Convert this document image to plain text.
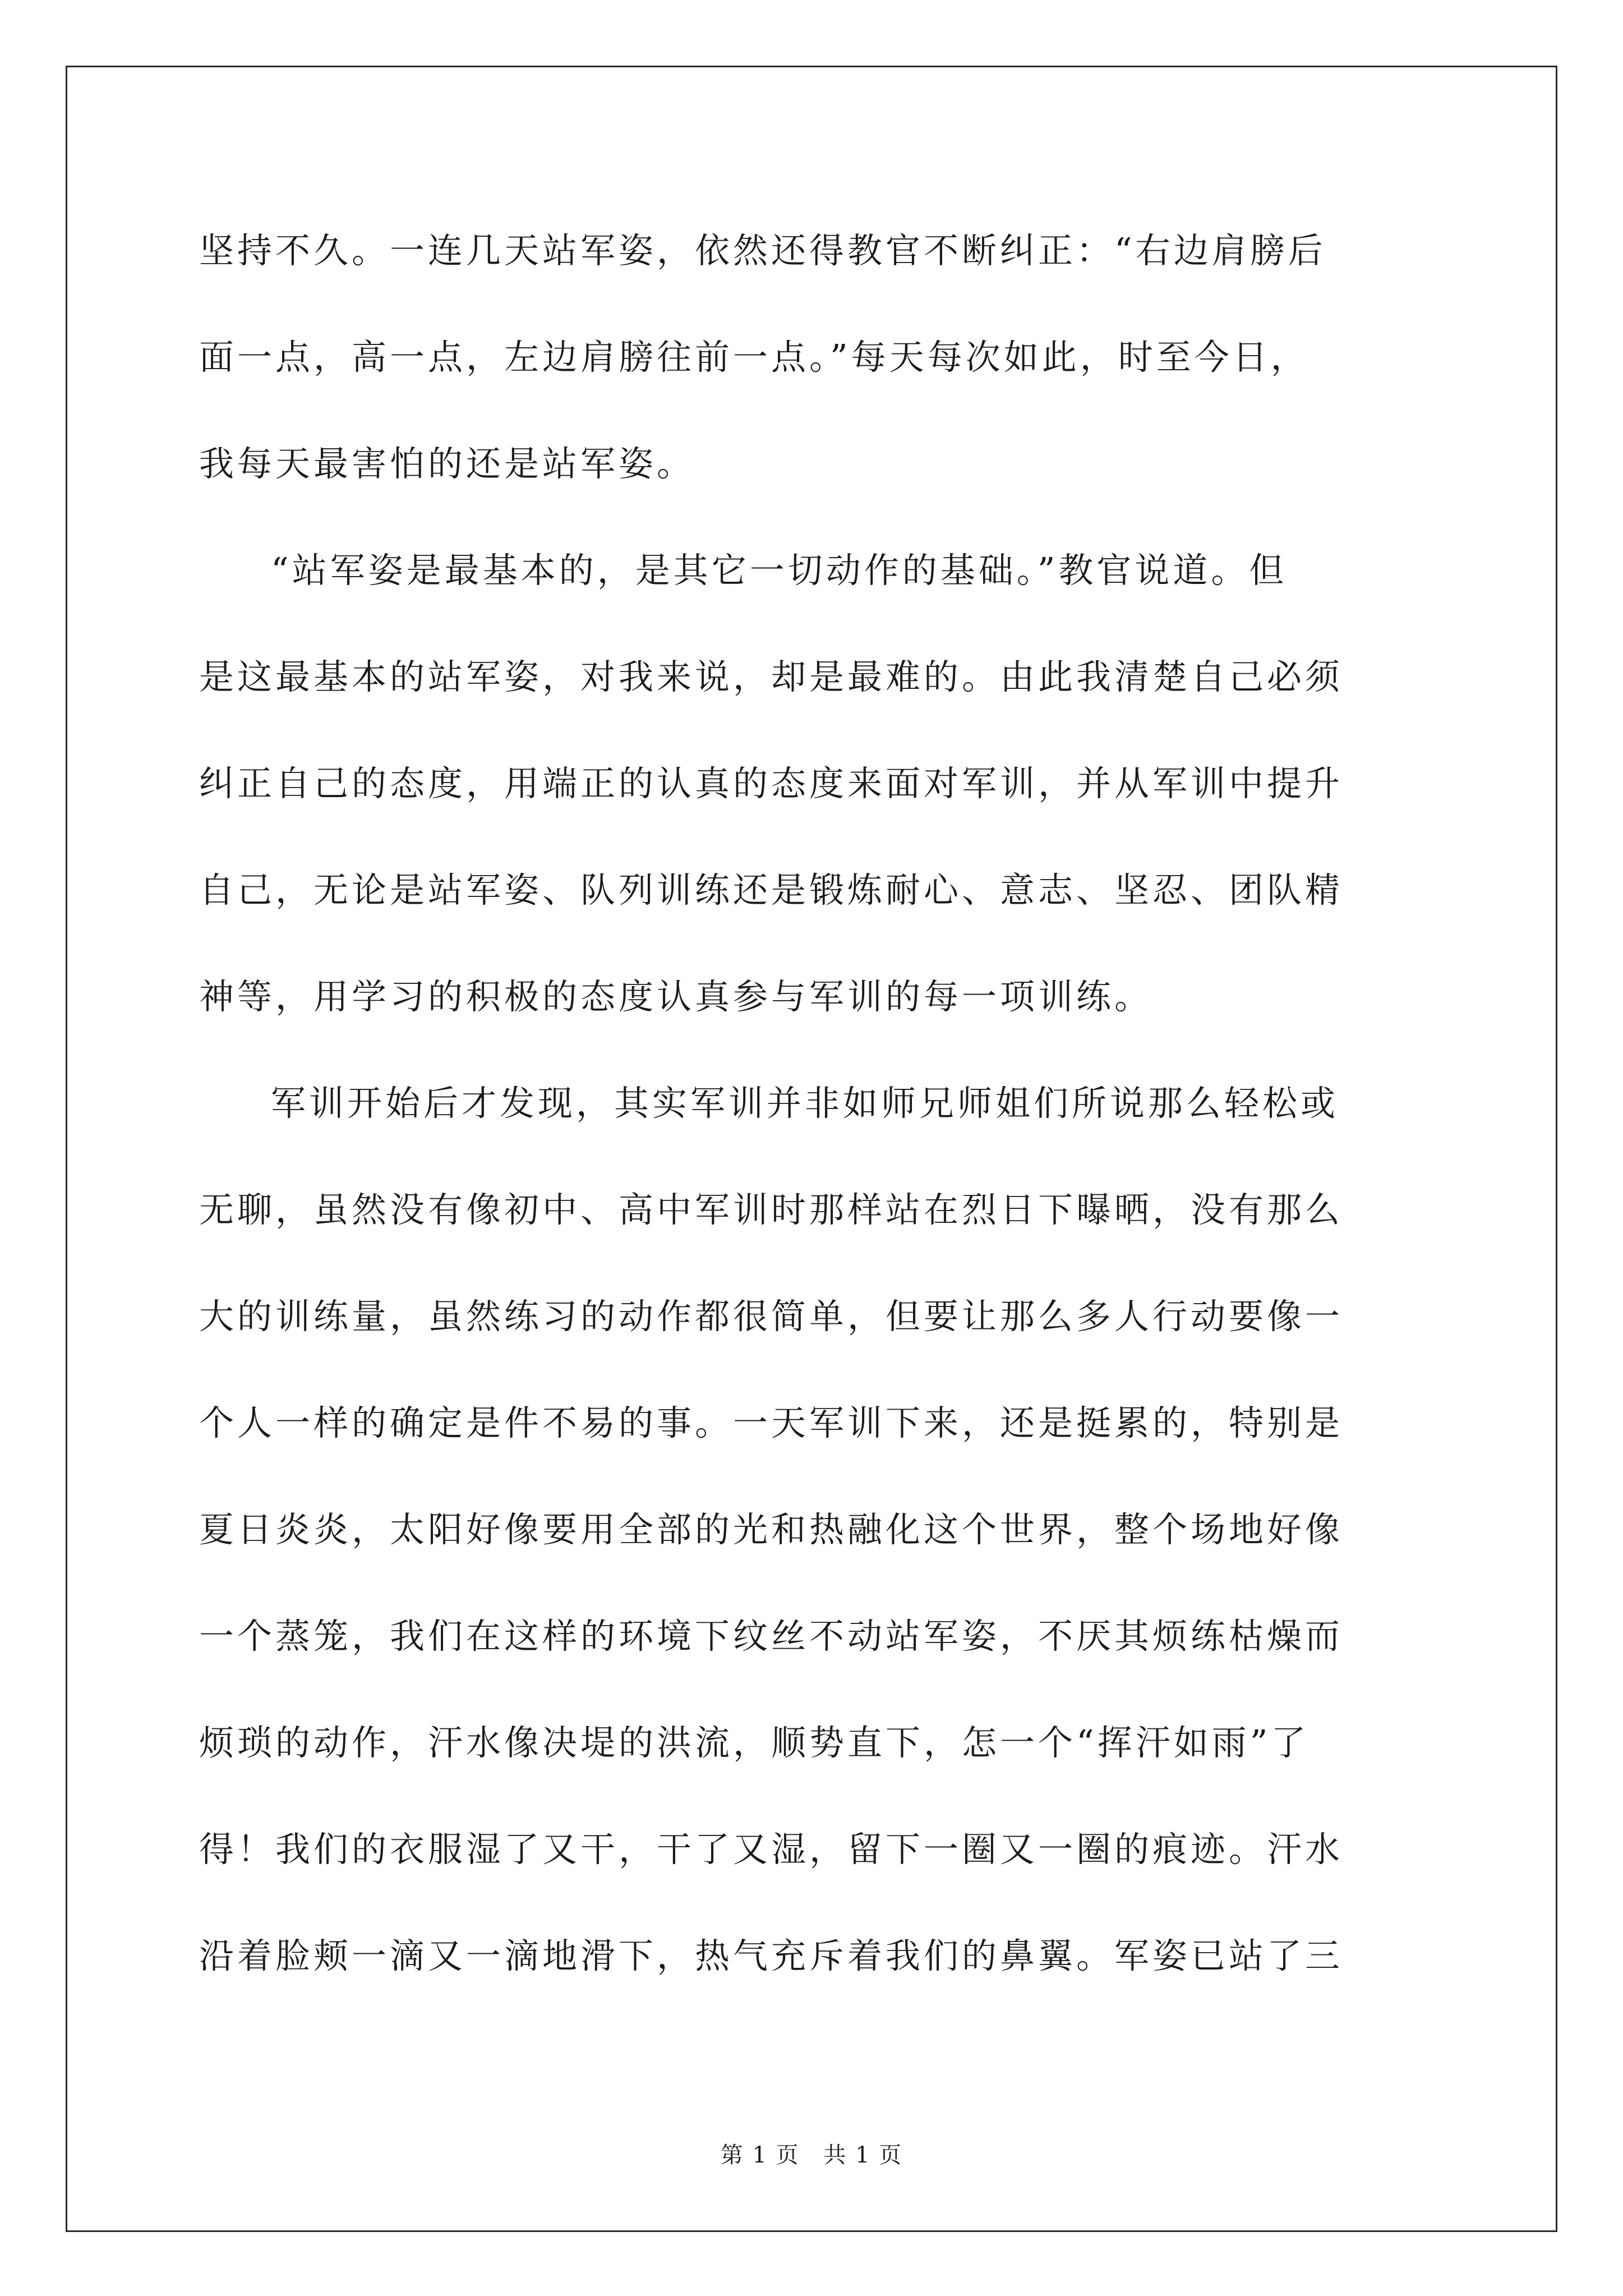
坚持不久。一连几天站军姿，依然还得教官不断纠正：“右边肩膀后
面一点，高一点，左边肩膀往前一点。”每天每次如此，时至今日，
我每天最害怕的还是站军姿。
“站军姿是最基本的，是其它一切动作的基础。”教官说道。但
是这最基本的站军姿，对我来说，却是最难的。由此我清楚自己必须
纠正自己的态度，用端正的认真的态度来面对军训，并从军训中提升
自己，无论是站军姿、队列训练还是锻炼耐心、意志、坚忍、团队精
神等，用学习的积极的态度认真参与军训的每一项训练。
军训开始后才发现，其实军训并非如师兄师姐们所说那么轻松或
无聊，虽然没有像初中、高中军训时那样站在烈日下曝晒，没有那么
大的训练量，虽然练习的动作都很简单，但要让那么多人行动要像一
个人一样的确定是件不易的事。一天军训下来，还是挺累的，特别是
夏日炎炎，太阳好像要用全部的光和热融化这个世界，整个场地好像
一个蒸笼，我们在这样的环境下纹丝不动站军姿，不厌其烦练枯燥而
烦琐的动作，汗水像决堤的洪流，顺势直下，怎一个“挥汗如雨”了
得！我们的衣服湿了又干，干了又湿，留下一圈又一圈的痕迹。汗水
沿着脸颊一滴又一滴地滑下，热气充斥着我们的鼻翼。军姿已站了三
第 1 页 共 1 页
